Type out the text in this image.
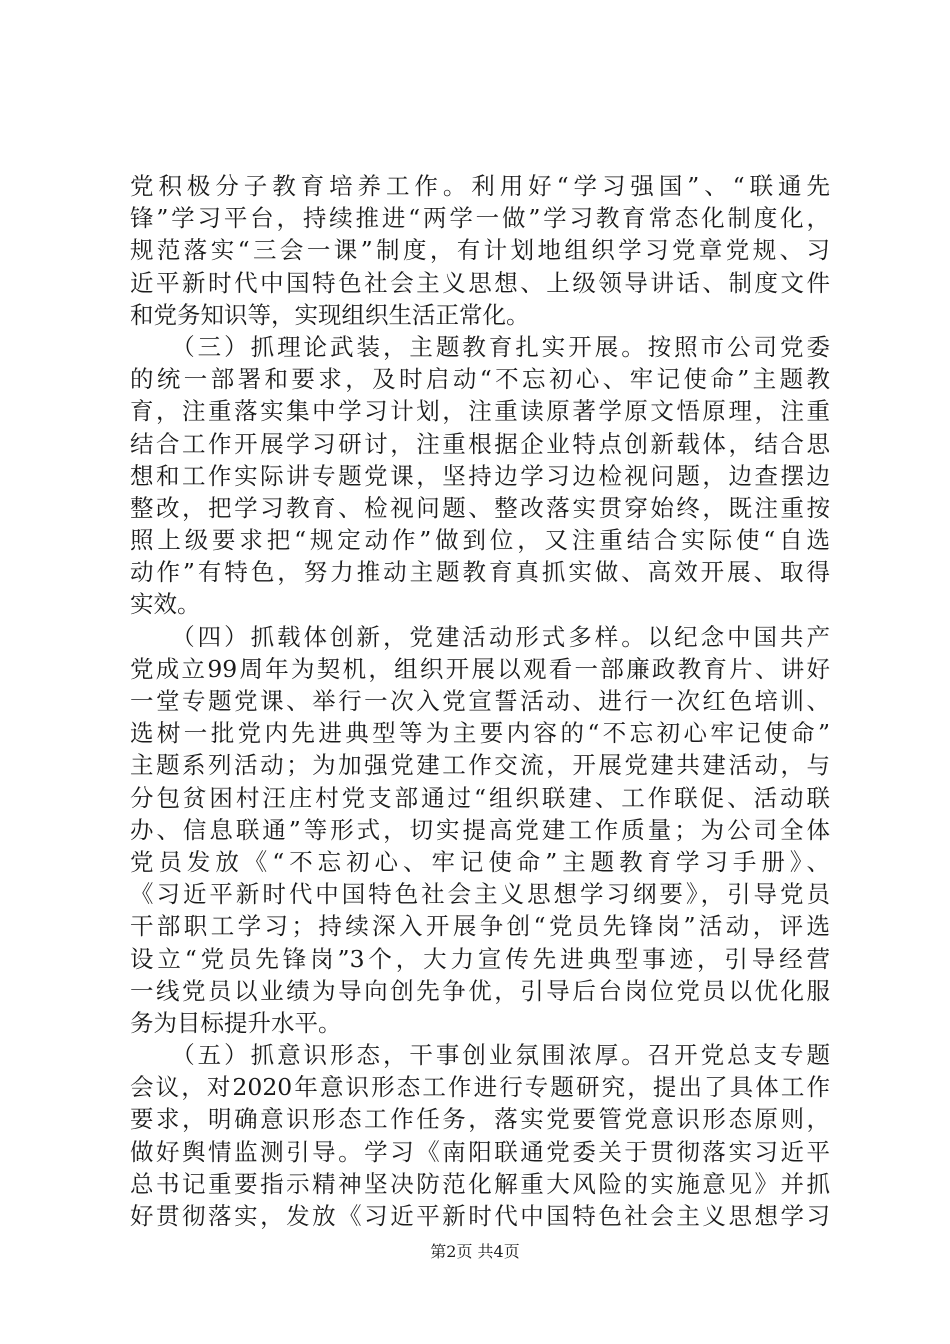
党积极分子教育培养工作。利用好“学习强国”、“联通先
锋”学习平台，持续推进“两学一做”学习教育常态化制度化，
规范落实“三会一课”制度，有计划地组织学习党章党规、习
近平新时代中国特色社会主义思想、上级领导讲话、制度文件
和党务知识等，实现组织生活正常化。
　　（三）抓理论武装，主题教育扎实开展。按照市公司党委
的统一部署和要求，及时启动“不忘初心、牢记使命”主题教
育，注重落实集中学习计划，注重读原著学原文悟原理，注重
结合工作开展学习研讨，注重根据企业特点创新载体，结合思
想和工作实际讲专题党课，坚持边学习边检视问题，边查摆边
整改，把学习教育、检视问题、整改落实贯穿始终，既注重按
照上级要求把“规定动作”做到位，又注重结合实际使“自选
动作”有特色，努力推动主题教育真抓实做、高效开展、取得
实效。
　　（四）抓载体创新，党建活动形式多样。以纪念中国共产
党成立99周年为契机，组织开展以观看一部廉政教育片、讲好
一堂专题党课、举行一次入党宣誓活动、进行一次红色培训、
选树一批党内先进典型等为主要内容的“不忘初心牢记使命”
主题系列活动；为加强党建工作交流，开展党建共建活动，与
分包贫困村汪庄村党支部通过“组织联建、工作联促、活动联
办、信息联通”等形式，切实提高党建工作质量；为公司全体
党员发放《“不忘初心、牢记使命”主题教育学习手册》、
《习近平新时代中国特色社会主义思想学习纲要》，引导党员
干部职工学习；持续深入开展争创“党员先锋岗”活动，评选
设立“党员先锋岗”3个，大力宣传先进典型事迹，引导经营
一线党员以业绩为导向创先争优，引导后台岗位党员以优化服
务为目标提升水平。
　　（五）抓意识形态，干事创业氛围浓厚。召开党总支专题
会议，对2020年意识形态工作进行专题研究，提出了具体工作
要求，明确意识形态工作任务，落实党要管党意识形态原则，
做好舆情监测引导。学习《南阳联通党委关于贯彻落实习近平
总书记重要指示精神坚决防范化解重大风险的实施意见》并抓
好贯彻落实，发放《习近平新时代中国特色社会主义思想学习
第2页 共4页
